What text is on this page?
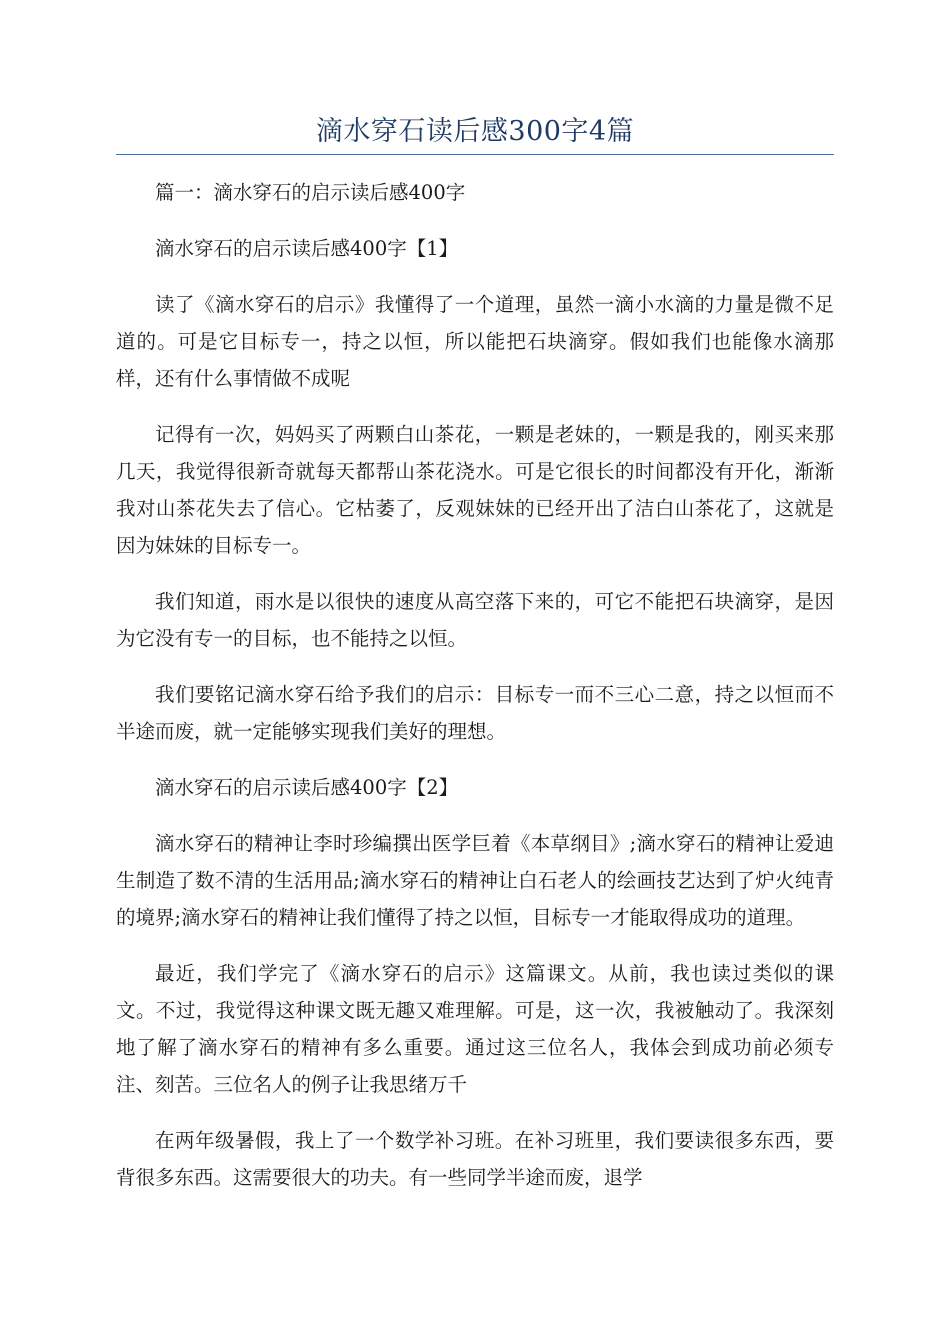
滴水穿石读后感300字4篇

篇一：滴水穿石的启示读后感400字

滴水穿石的启示读后感400字【1】

读了《滴水穿石的启示》我懂得了一个道理，虽然一滴小水滴的力量是微不足道的。可是它目标专一，持之以恒，所以能把石块滴穿。假如我们也能像水滴那样，还有什么事情做不成呢

记得有一次，妈妈买了两颗白山茶花，一颗是老妹的，一颗是我的，刚买来那几天，我觉得很新奇就每天都帮山茶花浇水。可是它很长的时间都没有开化，渐渐我对山茶花失去了信心。它枯萎了，反观妹妹的已经开出了洁白山茶花了，这就是因为妹妹的目标专一。

我们知道，雨水是以很快的速度从高空落下来的，可它不能把石块滴穿，是因为它没有专一的目标，也不能持之以恒。

我们要铭记滴水穿石给予我们的启示：目标专一而不三心二意，持之以恒而不半途而废，就一定能够实现我们美好的理想。

滴水穿石的启示读后感400字【2】

滴水穿石的精神让李时珍编撰出医学巨着《本草纲目》;滴水穿石的精神让爱迪生制造了数不清的生活用品;滴水穿石的精神让白石老人的绘画技艺达到了炉火纯青的境界;滴水穿石的精神让我们懂得了持之以恒，目标专一才能取得成功的道理。

最近，我们学完了《滴水穿石的启示》这篇课文。从前，我也读过类似的课文。不过，我觉得这种课文既无趣又难理解。可是，这一次，我被触动了。我深刻地了解了滴水穿石的精神有多么重要。通过这三位名人，我体会到成功前必须专注、刻苦。三位名人的例子让我思绪万千

在两年级暑假，我上了一个数学补习班。在补习班里，我们要读很多东西，要背很多东西。这需要很大的功夫。有一些同学半途而废，退学
